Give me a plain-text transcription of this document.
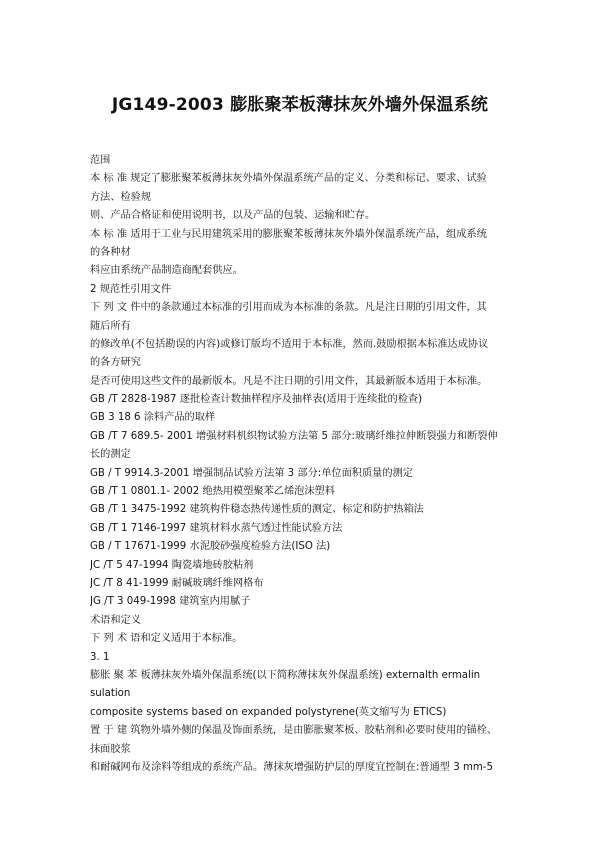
JG149-2003 膨胀聚苯板薄抹灰外墙外保温系统
范围
本 标 准 规定了膨胀聚苯板薄抹灰外墙外保温系统产品的定义、分类和标记、要求、试验
方法、检验规
则、产品合格证和使用说明书，以及产品的包装、运输和贮存。
本 标 准 适用于工业与民用建筑采用的膨胀聚苯板薄抹灰外墙外保温系统产品，组成系统
的各种材
料应由系统产品制造商配套供应。
2 规范性引用文件
下 列 文 件中的条款通过本标准的引用而成为本标准的条款。凡是注日期的引用文件，其
随后所有
的修改单(不包括勘误的内容)或修订版均不适用于本标准，然而.鼓励根据本标准达成协议
的各方研究
是否可使用这些文件的最新版本。凡是不注日期的引用文件，其最新版本适用于本标准。
GB /T 2828-1987 逐批检查计数抽样程序及抽样表(适用于连续批的检查)
GB 3 18 6 涂料产品的取样
GB /T 7 689.5- 2001 增强材料机织物试验方法第 5 部分:玻璃纤维拉伸断裂强力和断裂伸
长的测定
GB / T 9914.3-2001 增强制品试验方法第 3 部分:单位面积质量的测定
GB /T 1 0801.1- 2002 绝热用模塑聚苯乙烯泡沫塑料
GB /T 1 3475-1992 建筑构件稳态热传递性质的测定、标定和防护热箱法
GB /T 1 7146-1997 建筑材料水蒸气透过性能试验方法
GB / T 17671-1999 水泥胶砂强度检验方法(ISO 法)
JC /T 5 47-1994 陶瓷墙地砖胶粘剂
JC /T 8 41-1999 耐碱玻璃纤维网格布
JG /T 3 049-1998 建筑室内用腻子
术语和定义
下 列 术 语和定义适用于本标准。
3. 1
膨胀 聚 苯 板薄抹灰外墙外保温系统(以下简称薄抹灰外保温系统) externalth ermalin
sulation
composite systems based on expanded polystyrene(英文缩写为 ETICS)
置 于 建 筑物外墙外侧的保温及饰面系统，是由膨胀聚苯板、胶粘剂和必要时使用的锚栓、
抹面胶浆
和耐碱网布及涂料等组成的系统产品。薄抹灰增强防护层的厚度宜控制在:普通型 3 mm-5
